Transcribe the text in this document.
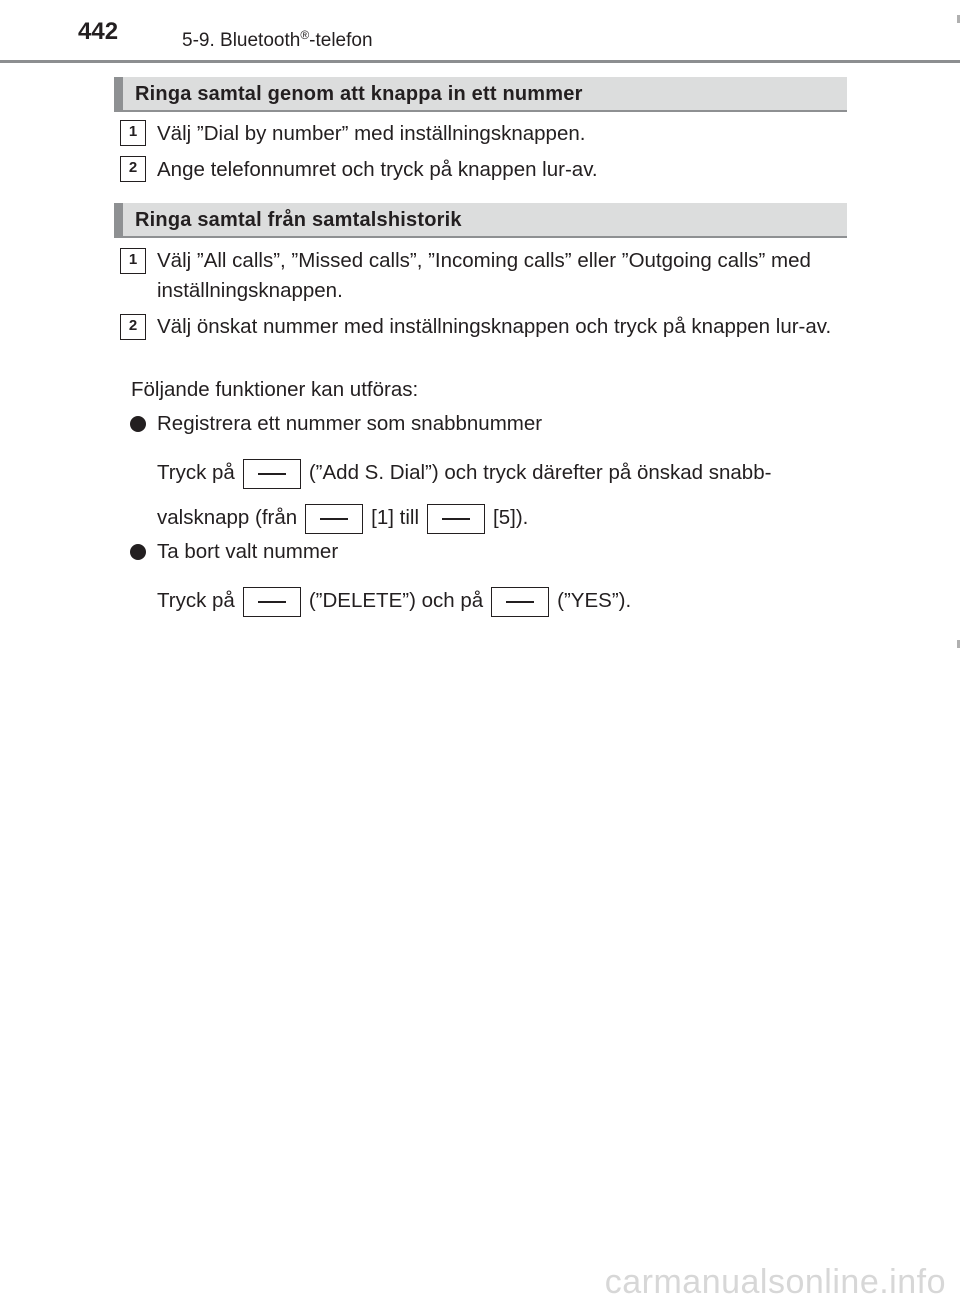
442	5-9. Bluetooth®-telefon
Ringa samtal genom att knappa in ett nummer
1 Välj ”Dial by number” med inställningsknappen.
2 Ange telefonnumret och tryck på knappen lur-av.
Ringa samtal från samtalshistorik
1 Välj ”All calls”, ”Missed calls”, ”Incoming calls” eller ”Outgoing calls” med inställningsknappen.
2 Välj önskat nummer med inställningsknappen och tryck på knappen lur-av.
Följande funktioner kan utföras:
Registrera ett nummer som snabbnummer
Tryck på	(”Add S. Dial”) och tryck därefter på önskad snabb-
valsknapp (från	[1] till	[5]).
Ta bort valt nummer
Tryck på	(”DELETE”) och på	(”YES”).
carmanualsonline.info
